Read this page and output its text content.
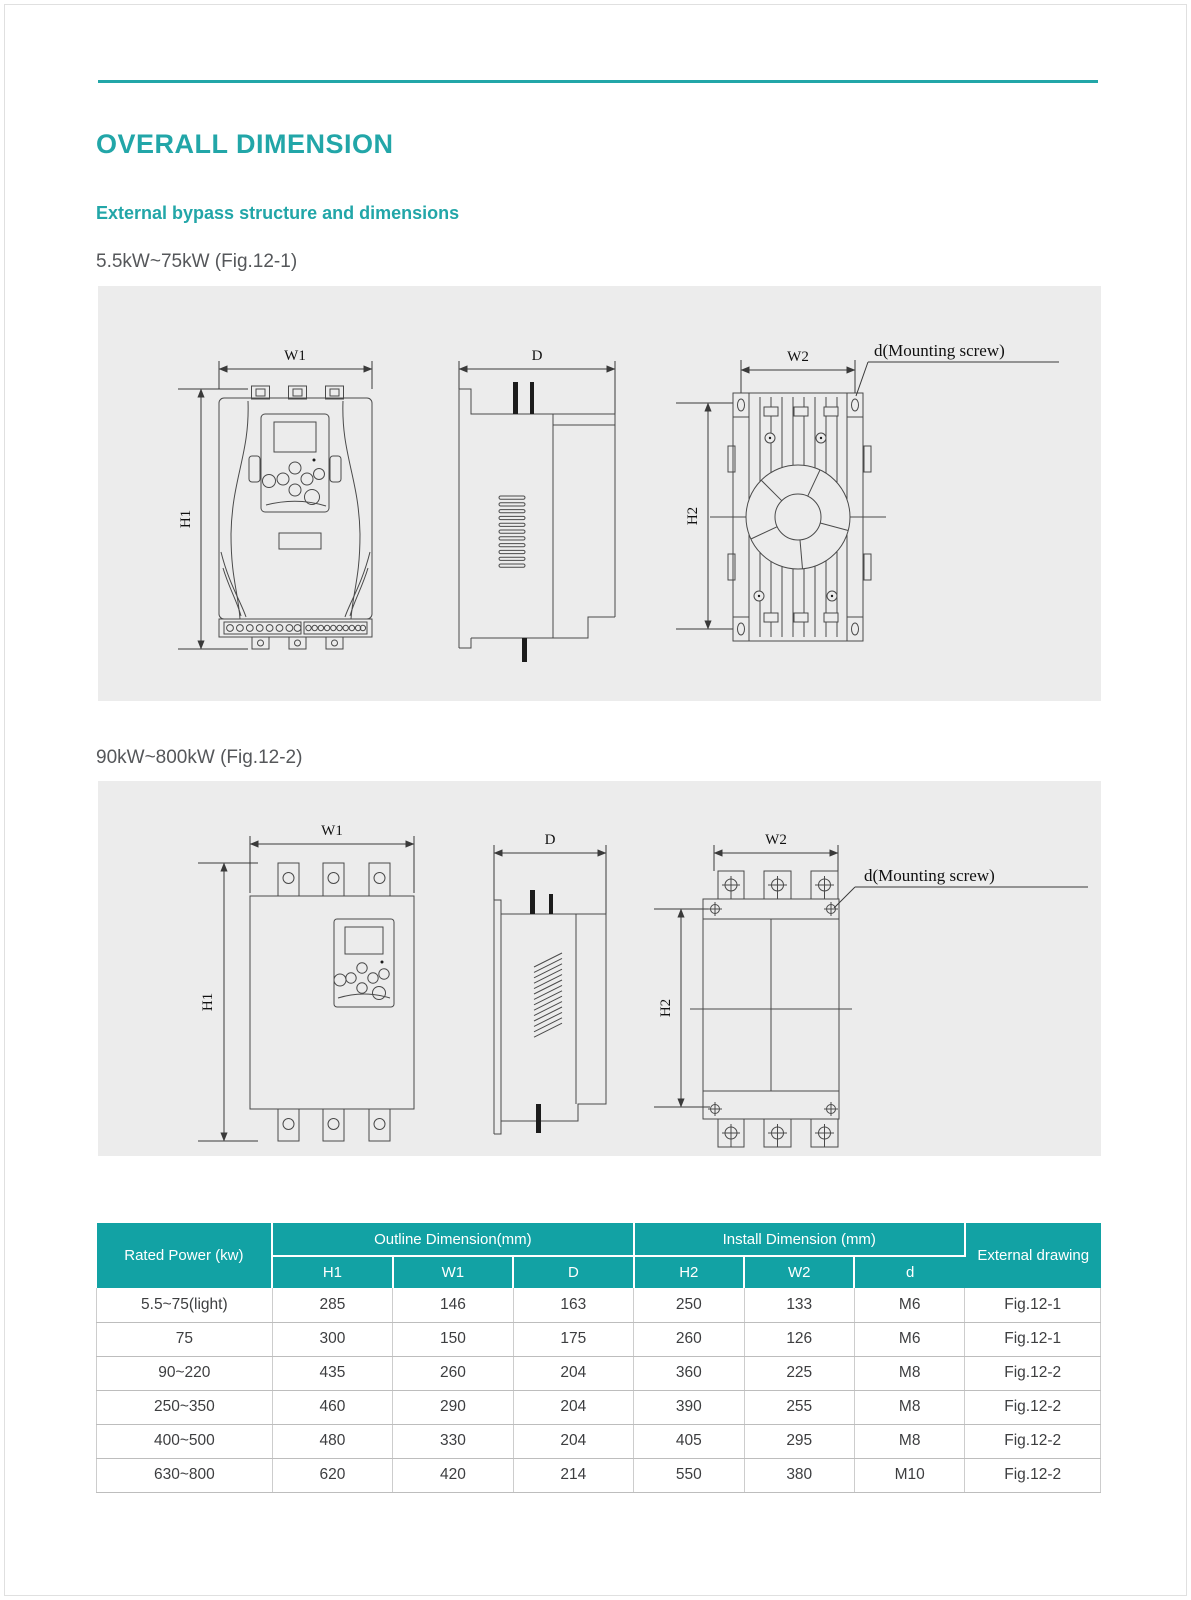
OVERALL DIMENSION
External bypass structure and dimensions
5.5kW~75kW (Fig.12-1)
W1
H1
D	W2
H2
d(Mounting screw)
90kW~800kW (Fig.12-2)
W1
H1
D	W2
H2
d(Mounting screw)
Rated Power (kw)	Outline Dimension(mm)			Install Dimension (mm)			External drawing
	H1	W1	D	H2	W2	d	
5.5~75(light)	285	146	163	250	133	M6	Fig.12-1
75	300	150	175	260	126	M6	Fig.12-1
90~220	435	260	204	360	225	M8	Fig.12-2
250~350	460	290	204	390	255	M8	Fig.12-2
400~500	480	330	204	405	295	M8	Fig.12-2
630~800	620	420	214	550	380	M10	Fig.12-2
